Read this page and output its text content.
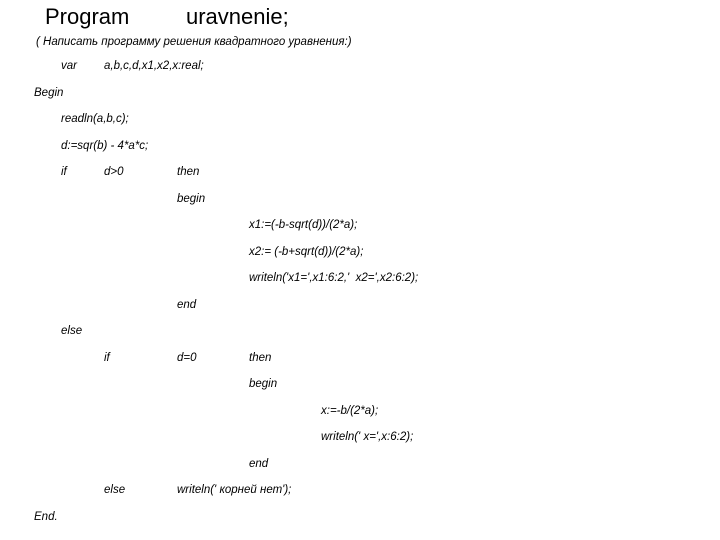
Program	uravnenie;
( Написать программу решения квадратного уравнения:)
var a,b,c,d,x1,x2,x:real;
Begin
readln(a,b,c);
d:=sqr(b) - 4*a*c;
if	d>0	then
begin
x1:=(-b-sqrt(d))/(2*a);
x2:= (-b+sqrt(d))/(2*a);
writeln('x1=',x1:6:2,'  x2=',x2:6:2);
end
else
if	d=0	then
begin
x:=-b/(2*a);
writeln(' x=',x:6:2);
end
else	writeln(' корней нет');
End.
